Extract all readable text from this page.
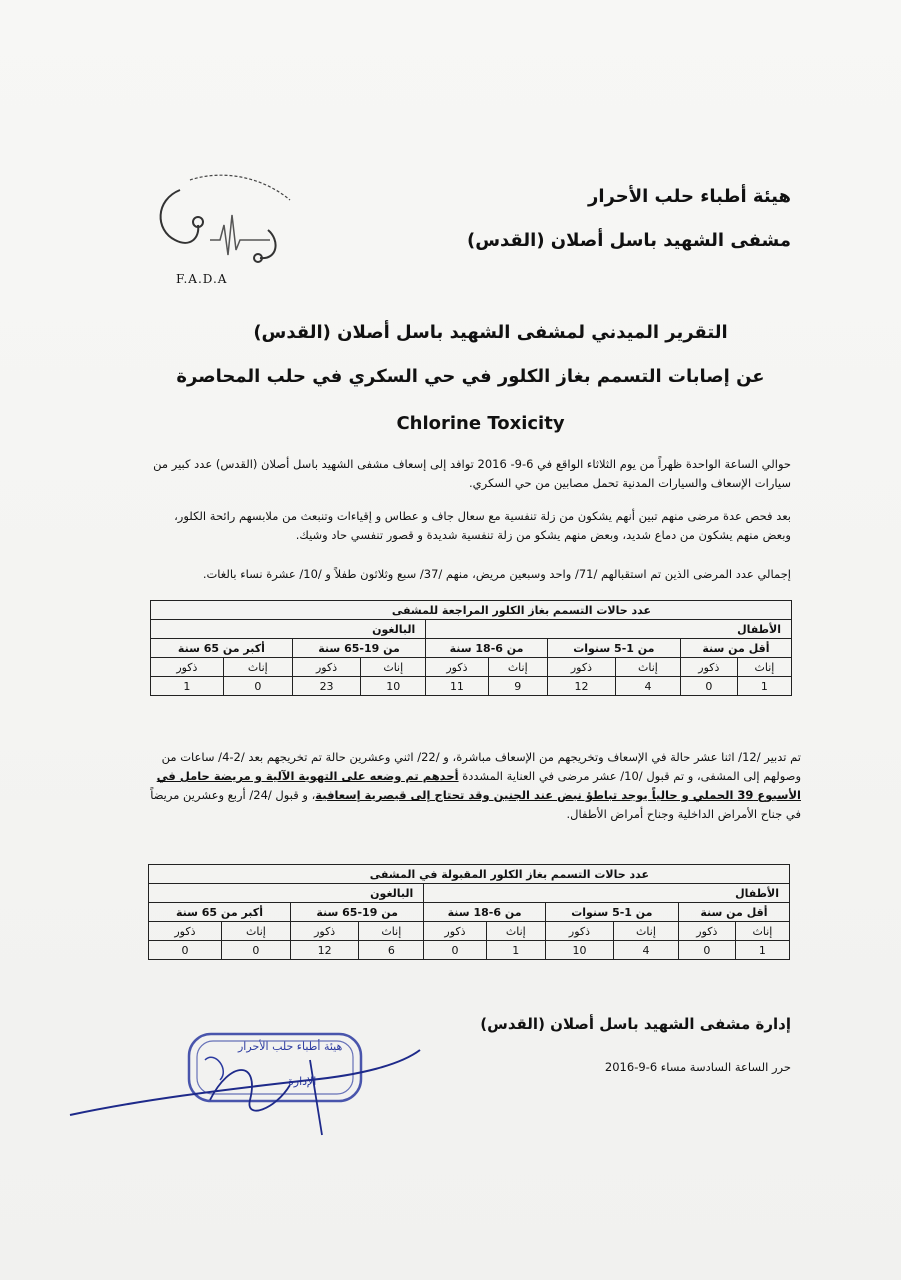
F.A.D.A
هيئة أطباء حلب الأحرار
مشفى الشهيد باسل أصلان (القدس)
التقرير الميدني لمشفى الشهيد باسل أصلان (القدس)
عن إصابات التسمم بغاز الكلور في حي السكري في حلب المحاصرة
Chlorine Toxicity
حوالي الساعة الواحدة ظهراً من يوم الثلاثاء الواقع في 6-9- 2016 توافد إلى إسعاف مشفى الشهيد باسل أصلان (القدس) عدد كبير من سيارات الإسعاف والسيارات المدنية تحمل مصابين من حي السكري.
بعد فحص عدة مرضى منهم تبين أنهم يشكون من زلة تنفسية مع سعال جاف و عطاس و إقياءات وتنبعث من ملابسهم رائحة الكلور، وبعض منهم يشكون من دماع شديد، وبعض منهم يشكو من زلة تنفسية شديدة و قصور تنفسي حاد وشيك.
إجمالي عدد المرضى الذين تم استقبالهم /71/ واحد وسبعين مريض، منهم /37/ سبع وثلاثون طفلاً و /10/ عشرة نساء بالغات.
عدد حالات التسمم بغاز الكلور المراجعة للمشفى									
الأطفال						البالغون			
أقل من سنة		من 1-5 سنوات		من 6-18 سنة		من 19-65 سنة		أكبر من 65 سنة	
إناث	ذكور	إناث	ذكور	إناث	ذكور	إناث	ذكور	إناث	ذكور
1	0	4	12	9	11	10	23	0	1
تم تدبير /12/ اثنا عشر حالة في الإسعاف وتخريجهم من الإسعاف مباشرة، و /22/ اثني وعشرين حالة تم تخريجهم بعد /2-4/ ساعات من وصولهم إلى المشفى، و تم قبول /10/ عشر مرضى في العناية المشددة أحدهم تم وضعه على التهوية الآلية و مريضة حامل في الأسبوع 39 الحملي و حالياً يوجد تباطؤ نبض عند الجنين وقد تحتاج إلى قيصرية إسعافية، و قبول /24/ أربع وعشرين مريضاً في جناح الأمراض الداخلية وجناح أمراض الأطفال.
عدد حالات التسمم بغاز الكلور المقبولة في المشفى									
الأطفال						البالغون			
أقل من سنة		من 1-5 سنوات		من 6-18 سنة		من 19-65 سنة		أكبر من 65 سنة	
إناث	ذكور	إناث	ذكور	إناث	ذكور	إناث	ذكور	إناث	ذكور
1	0	4	10	1	0	6	12	0	0
إدارة مشفى الشهيد باسل أصلان (القدس)
حرر الساعة السادسة مساء 6-9-2016
هيئة أطباء حلب الأحرار
الإدارة
